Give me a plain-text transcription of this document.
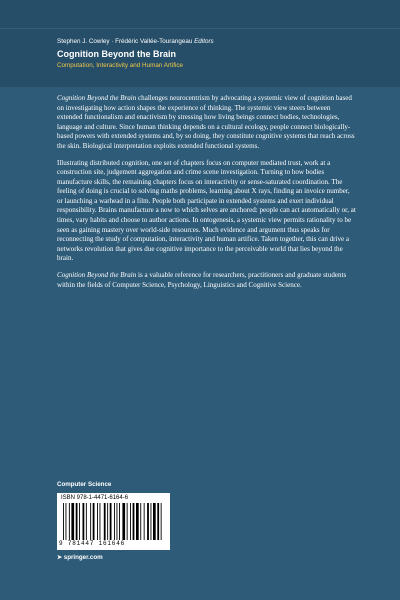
Stephen J. Cowley · Frédéric Vallée-Tourangeau Editors
Cognition Beyond the Brain
Computation, Interactivity and Human Artifice

Cognition Beyond the Brain challenges neurocentrism by advocating a systemic view of cognition based on investigating how action shapes the experience of thinking. The systemic view steers between extended functionalism and enactivism by stressing how living beings connect bodies, technologies, language and culture. Since human thinking depends on a cultural ecology, people connect biologically-based powers with extended systems and, by so doing, they constitute cognitive systems that reach across the skin. Biological interpretation exploits extended functional systems.

Illustrating distributed cognition, one set of chapters focus on computer mediated trust, work at a construction site, judgement aggregation and crime scene investigation. Turning to how bodies manufacture skills, the remaining chapters focus on interactivity or sense-saturated coordination. The feeling of doing is crucial to solving maths problems, learning about X rays, finding an invoice number, or launching a warhead in a film. People both participate in extended systems and exert individual responsibility. Brains manufacture a now to which selves are anchored: people can act automatically or, at times, vary habits and choose to author actions. In ontogenesis, a systemic view permits rationality to be seen as gaining mastery over world-side resources. Much evidence and argument thus speaks for reconnecting the study of computation, interactivity and human artifice. Taken together, this can drive a networks revolution that gives due cognitive importance to the perceivable world that lies beyond the brain.

Cognition Beyond the Brain is a valuable reference for researchers, practitioners and graduate students within the fields of Computer Science, Psychology, Linguistics and Cognitive Science.

Computer Science
ISBN 978-1-4471-6164-6
9 781447 161646
➤ springer.com
